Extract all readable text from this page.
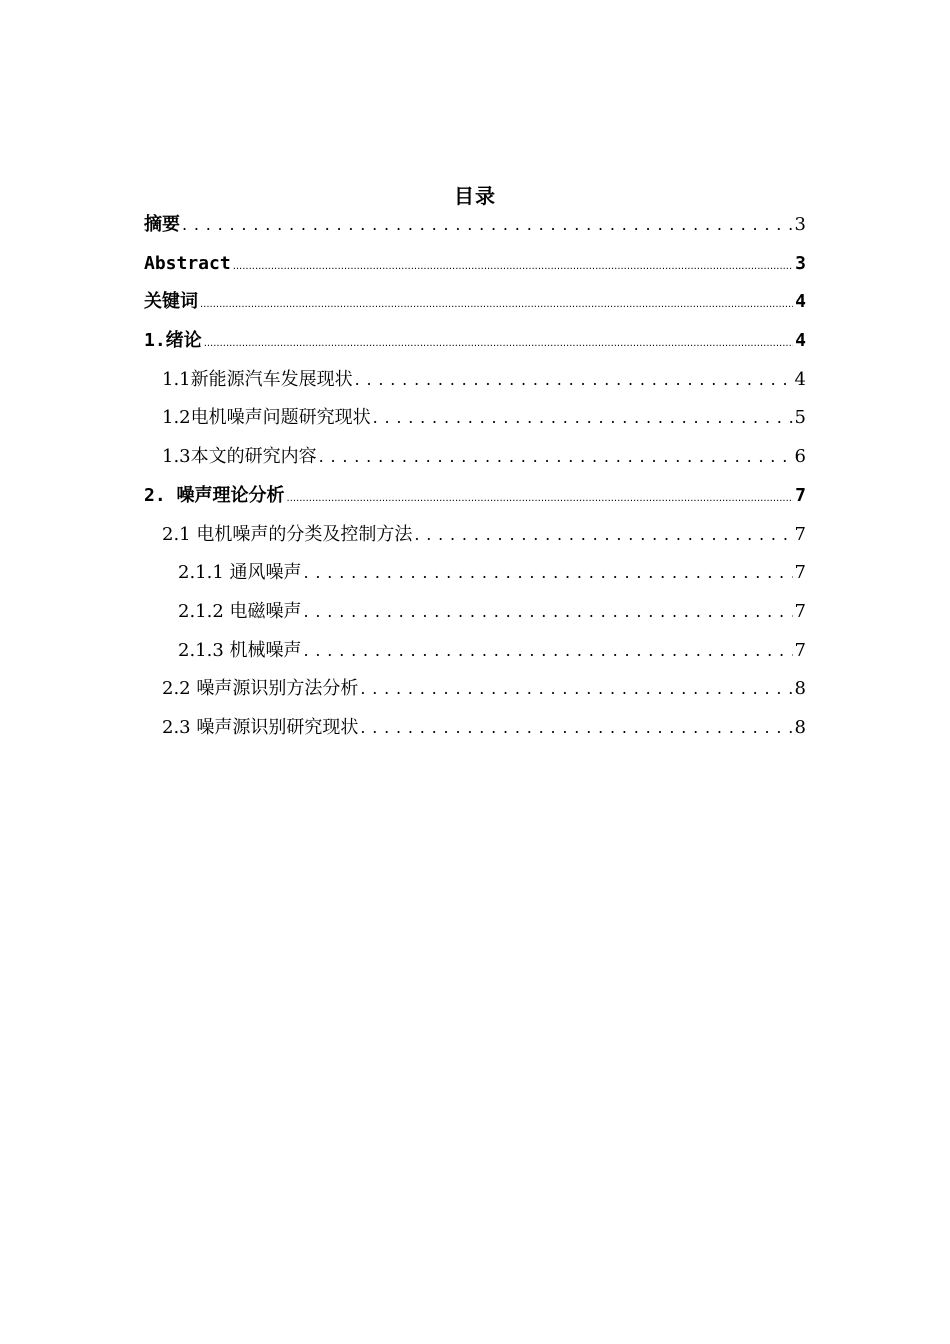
目录
摘要 .....	3
Abstract .....	3
关键词 .....	4
1.绪论 .....	4
1.1新能源汽车发展现状 .....	4
1.2电机噪声问题研究现状 .....	5
1.3本文的研究内容 .....	6
2. 噪声理论分析 .....	7
2.1 电机噪声的分类及控制方法 .....	7
2.1.1 通风噪声 .....	7
2.1.2 电磁噪声 .....	7
2.1.3 机械噪声 .....	7
2.2 噪声源识别方法分析 .....	8
2.3 噪声源识别研究现状 .....	8
